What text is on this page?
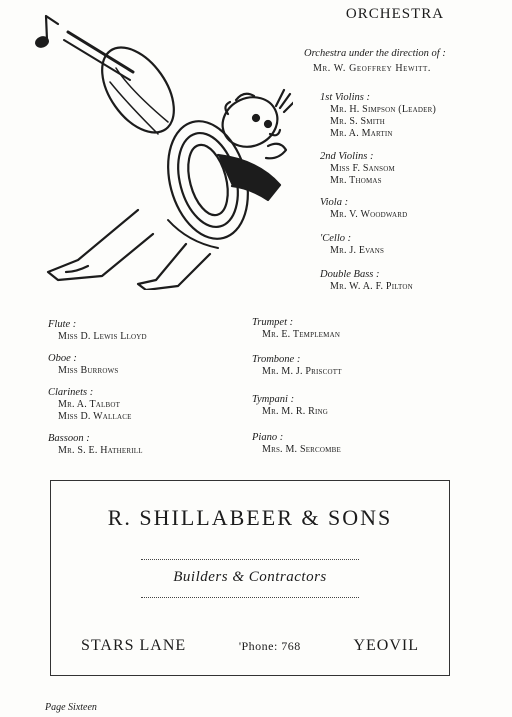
ORCHESTRA
Orchestra under the direction of :
Mr. W. Geoffrey Hewitt.
1st Violins :
Mr. H. Simpson (Leader)
Mr. S. Smith
Mr. A. Martin
2nd Violins :
Miss F. Sansom
Mr. Thomas
Viola :
Mr. V. Woodward
'Cello :
Mr. J. Evans
Double Bass :
Mr. W. A. F. Pilton
Flute :
Miss D. Lewis Lloyd
Oboe :
Miss Burrows
Clarinets :
Mr. A. Talbot
Miss D. Wallace
Bassoon :
Mr. S. E. Hatherill
Trumpet :
Mr. E. Templeman
Trombone :
Mr. M. J. Priscott
Tympani :
Mr. M. R. Ring
Piano :
Mrs. M. Sercombe
R. SHILLABEER & SONS
Builders & Contractors
STARS LANE	'Phone: 768	YEOVIL
Page Sixteen
